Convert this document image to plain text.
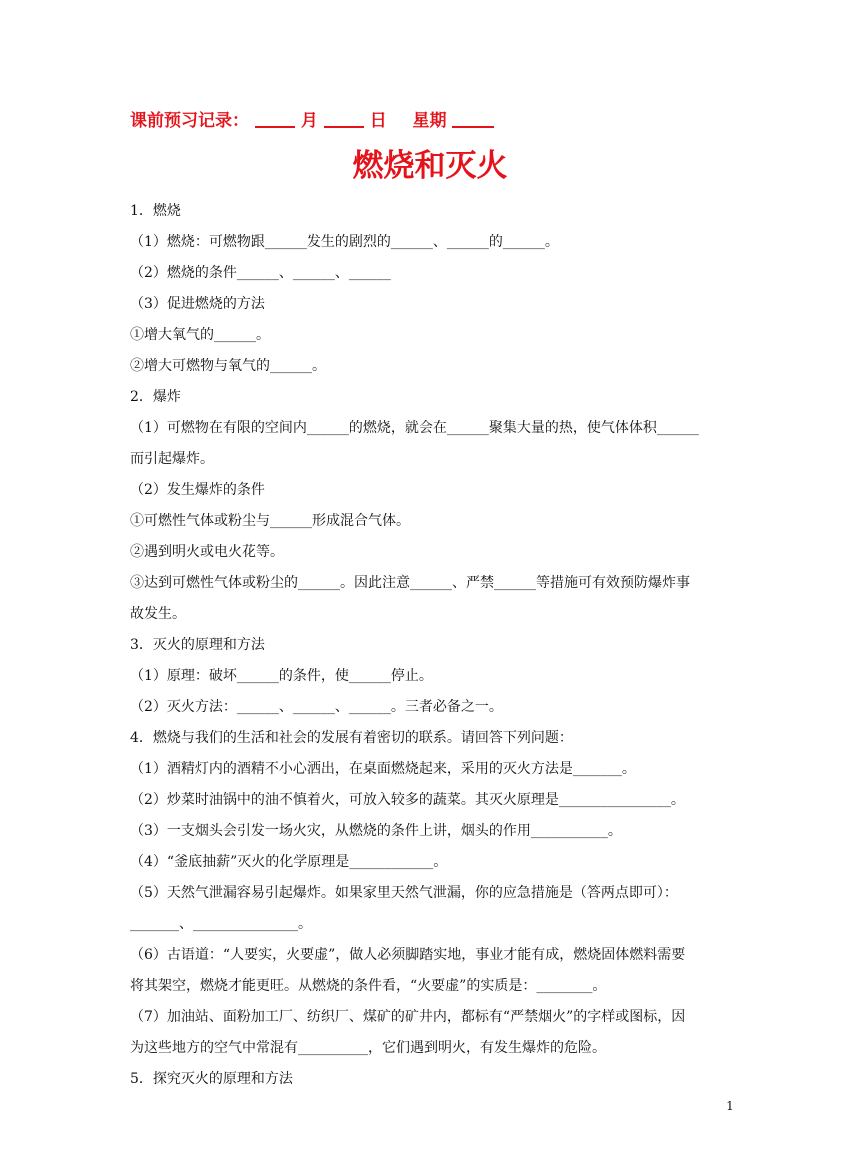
课前预习记录：	月	日 星期
燃烧和灭火
1．燃烧
（1）燃烧：可燃物跟______发生的剧烈的______、______的______。
（2）燃烧的条件______、______、______
（3）促进燃烧的方法
①增大氧气的______。
②增大可燃物与氧气的______。
2．爆炸
（1）可燃物在有限的空间内______的燃烧，就会在______聚集大量的热，使气体体积______
而引起爆炸。
（2）发生爆炸的条件
①可燃性气体或粉尘与______形成混合气体。
②遇到明火或电火花等。
③达到可燃性气体或粉尘的______。因此注意______、严禁______等措施可有效预防爆炸事
故发生。
3．灭火的原理和方法
（1）原理：破坏______的条件，使______停止。
（2）灭火方法：______、______、______。三者必备之一。
4．燃烧与我们的生活和社会的发展有着密切的联系。请回答下列问题：
（1）酒精灯内的酒精不小心洒出，在桌面燃烧起来，采用的灭火方法是_______。
（2）炒菜时油锅中的油不慎着火，可放入较多的蔬菜。其灭火原理是________________。
（3）一支烟头会引发一场火灾，从燃烧的条件上讲，烟头的作用___________。
（4）“釜底抽薪”灭火的化学原理是____________。
（5）天然气泄漏容易引起爆炸。如果家里天然气泄漏，你的应急措施是（答两点即可）：
_______、_______________。
（6）古语道：“人要实，火要虚”，做人必须脚踏实地，事业才能有成，燃烧固体燃料需要
将其架空，燃烧才能更旺。从燃烧的条件看，“火要虚”的实质是：________。
（7）加油站、面粉加工厂、纺织厂、煤矿的矿井内，都标有“严禁烟火”的字样或图标，因
为这些地方的空气中常混有__________，它们遇到明火，有发生爆炸的危险。
5．探究灭火的原理和方法
1
